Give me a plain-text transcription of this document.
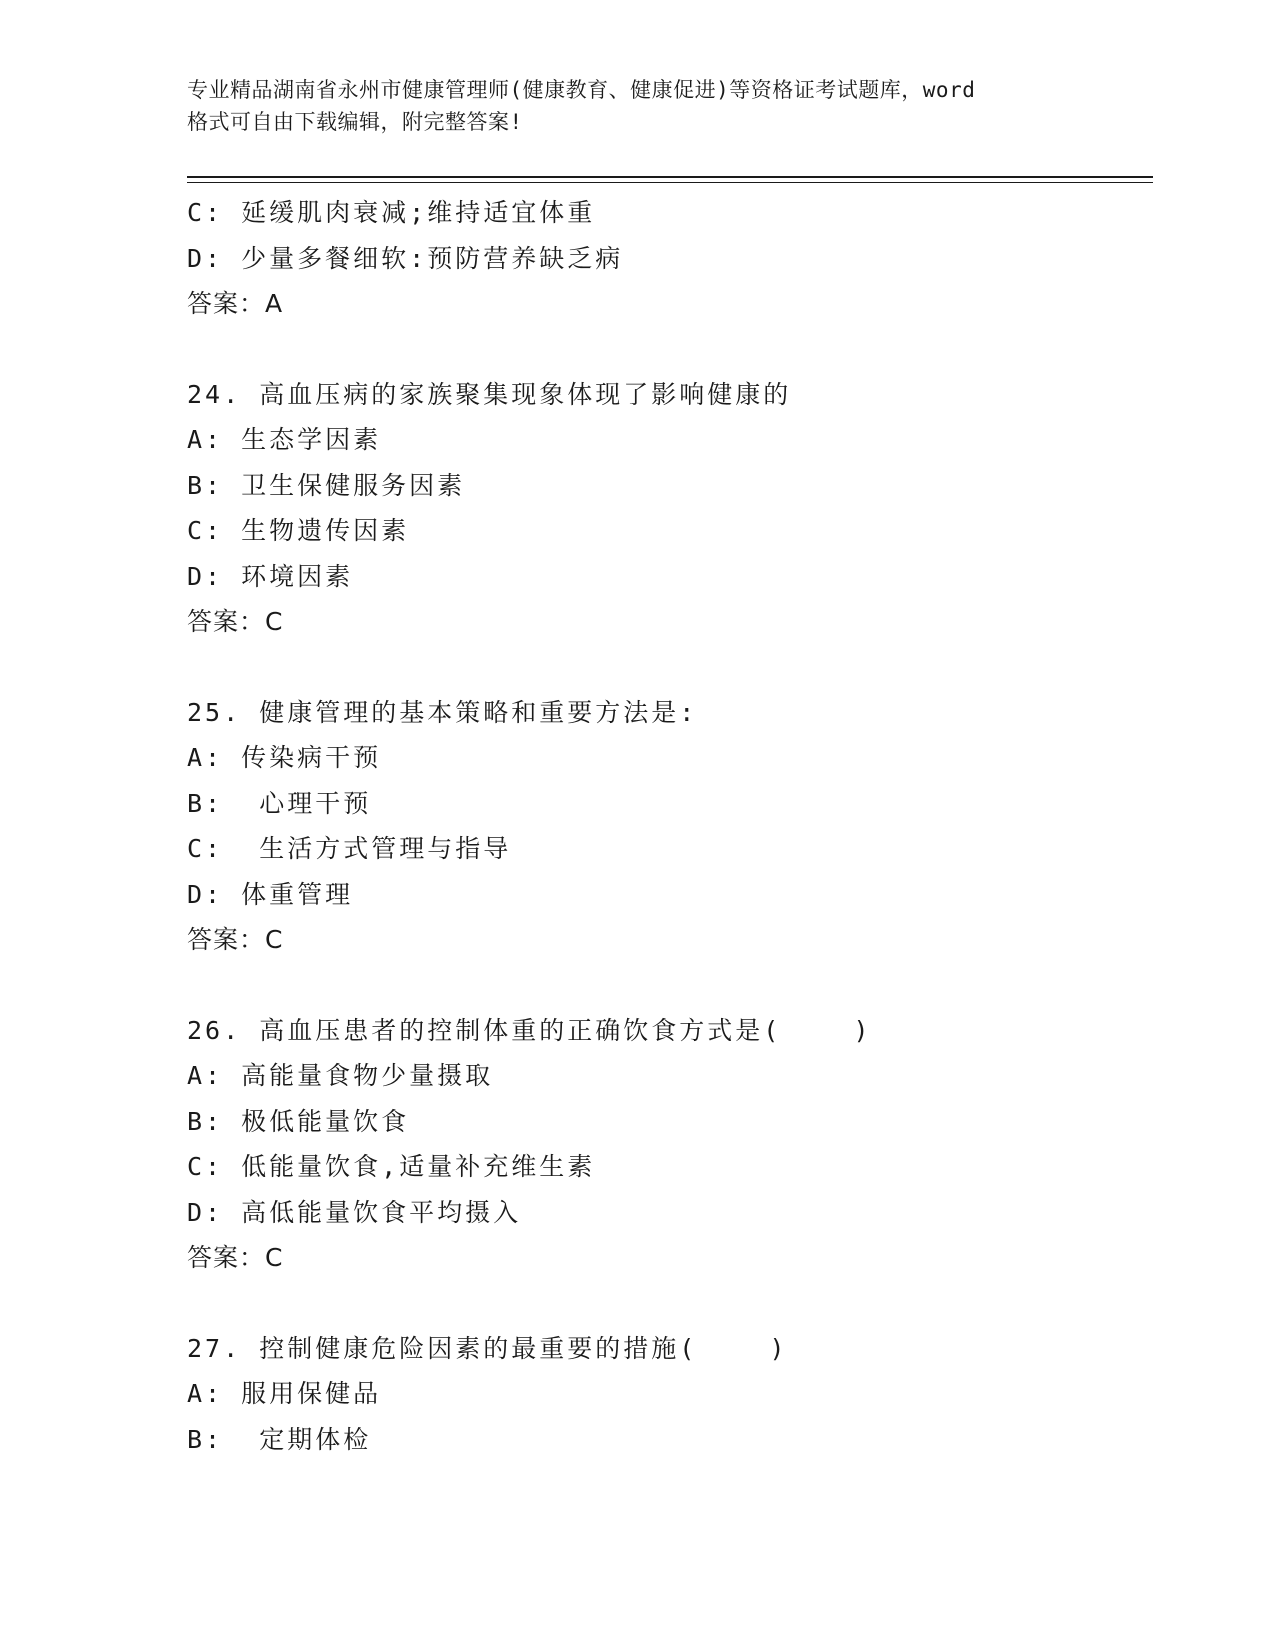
专业精品湖南省永州市健康管理师(健康教育、健康促进)等资格证考试题库，word
格式可自由下载编辑，附完整答案!
C: 延缓肌肉衰减;维持适宜体重
D: 少量多餐细软:预防营养缺乏病
答案：A
24. 高血压病的家族聚集现象体现了影响健康的
A: 生态学因素
B: 卫生保健服务因素
C: 生物遗传因素
D: 环境因素
答案：C
25. 健康管理的基本策略和重要方法是:
A: 传染病干预
B:  心理干预
C:  生活方式管理与指导
D: 体重管理
答案：C
26. 高血压患者的控制体重的正确饮食方式是(    )
A: 高能量食物少量摄取
B: 极低能量饮食
C: 低能量饮食,适量补充维生素
D: 高低能量饮食平均摄入
答案：C
27. 控制健康危险因素的最重要的措施(    )
A: 服用保健品
B:  定期体检
